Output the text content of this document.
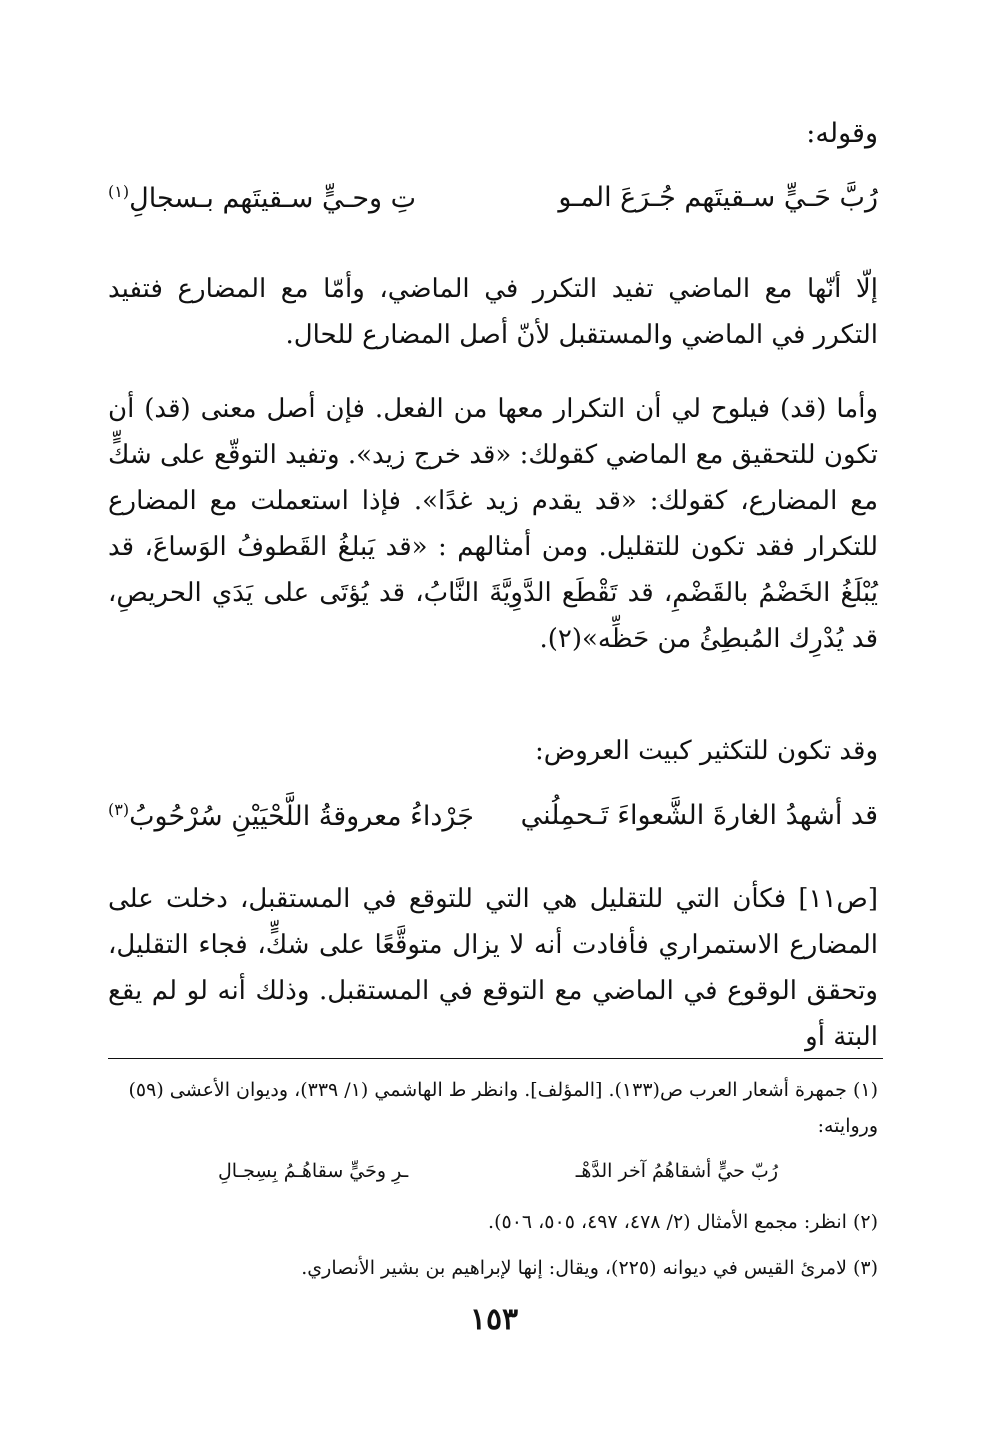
وقوله:
رُبَّ حَـيٍّ سـقيتَهم جُـرَعَ المـو
تِ وحـيٍّ سـقيتَهم بـسجالِ$^{(١)}$
إلّا أنّها مع الماضي تفيد التكرر في الماضي، وأمّا مع المضارع فتفيد التكرر في الماضي والمستقبل لأنّ أصل المضارع للحال.
وأما (قد) فيلوح لي أن التكرار معها من الفعل. فإن أصل معنى (قد) أن تكون للتحقيق مع الماضي كقولك: «قد خرج زيد». وتفيد التوقّع على شكٍّ مع المضارع، كقولك: «قد يقدم زيد غدًا». فإذا استعملت مع المضارع للتكرار فقد تكون للتقليل. ومن أمثالهم : «قد يَبلغُ القَطوفُ الوَساعَ، قد يُبْلَغُ الخَضْمُ بالقَضْمِ، قد تَقْطَع الدَّوِيَّةَ النَّابُ، قد يُؤتَى على يَدَي الحريصِ، قد يُدْرِك المُبطِئُ من حَظِّه»(٢).
وقد تكون للتكثير كبيت العروض:
قد أشهدُ الغارةَ الشَّعواءَ تَـحمِلُني
جَرْداءُ معروقةُ اللَّحْيَيْنِ سُرْحُوبُ$^{(٣)}$
[ص١١] فكأن التي للتقليل هي التي للتوقع في المستقبل، دخلت على المضارع الاستمراري فأفادت أنه لا يزال متوقَّعًا على شكٍّ، فجاء التقليل، وتحقق الوقوع في الماضي مع التوقع في المستقبل. وذلك أنه لو لم يقع البتة أو
(١) جمهرة أشعار العرب ص(١٣٣). [المؤلف]. وانظر ط الهاشمي (١/ ٣٣٩)، وديوان الأعشى (٥٩) وروايته:
رُبّ حيٍّ أشقاهُمُ آخر الدَّهْـ
ـرِ وحَيٍّ سقاهُـمُ بِسِجـالِ
(٢) انظر: مجمع الأمثال (٢/ ٤٧٨، ٤٩٧، ٥٠٥، ٥٠٦).
(٣) لامرئ القيس في ديوانه (٢٢٥)، ويقال: إنها لإبراهيم بن بشير الأنصاري.
١٥٣
